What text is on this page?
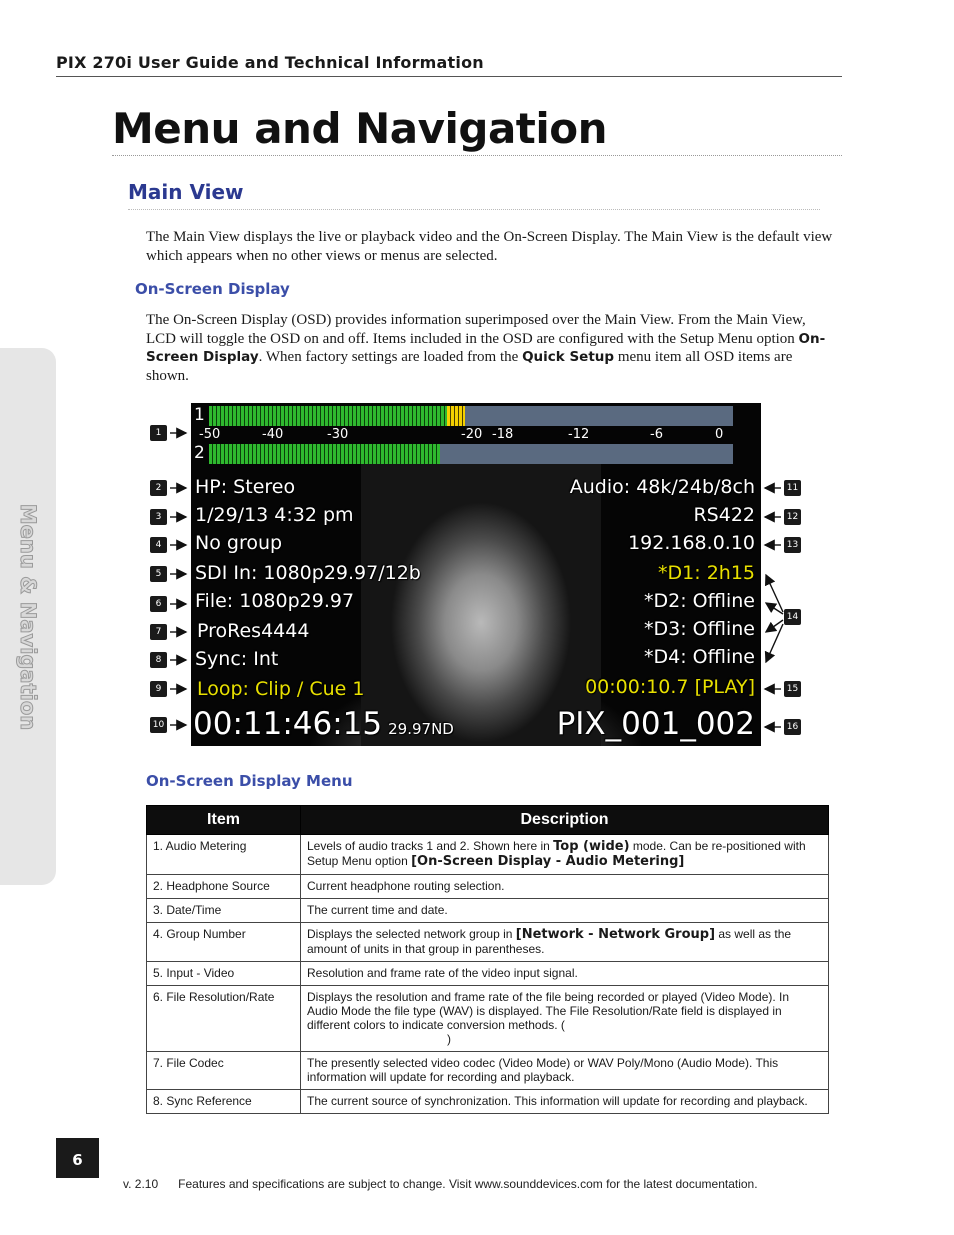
PIX 270i User Guide and Technical Information
Menu & Navigation
Menu and Navigation
Main View
The Main View displays the live or playback video and the On-Screen Display. The Main View is the default view which appears when no other views or menus are selected.
On-Screen Display
The On-Screen Display (OSD) provides information superimposed over the Main View. From the Main View, LCD will toggle the OSD on and off. Items included in the OSD are configured with the Setup Menu option On-Screen Display. When factory settings are loaded from the Quick Setup menu item all OSD items are shown.
1
-50	-40	-30	-20 -18	-12	-6	0
2
HP: Stereo
1/29/13 4:32 pm
No group
SDI In: 1080p29.97/12b
File: 1080p29.97
ProRes4444
Sync: Int
Loop: Clip / Cue 1
Audio: 48k/24b/8ch
RS422
192.168.0.10
*D1: 2h15
*D2: Offline
*D3: Offline
*D4: Offline
00:00:10.7 [PLAY]
00:11:46:15 29.97ND	PIX_001_002
1
2
3
4
5
6
7
8
9
10
11
12
13
14
15
16
On-Screen Display Menu
Item	Description
1. Audio Metering	Levels of audio tracks 1 and 2. Shown here in Top (wide) mode. Can be re-positioned with Setup Menu option [On-Screen Display - Audio Metering]
2. Headphone Source	Current headphone routing selection.
3. Date/Time	The current time and date.
4. Group Number	Displays the selected network group in [Network - Network Group] as well as the amount of units in that group in parentheses.
5. Input - Video	Resolution and frame rate of the video input signal.
6. File Resolution/Rate	Displays the resolution and frame rate of the file being recorded or played (Video Mode). In Audio Mode the file type (WAV) is displayed. The File Resolution/Rate field is displayed in different colors to indicate conversion methods. (
)
7. File Codec	The presently selected video codec (Video Mode) or WAV Poly/Mono (Audio Mode). This information will update for recording and playback.
8. Sync Reference	The current source of synchronization. This information will update for recording and playback.
6
v. 2.10      Features and specifications are subject to change. Visit www.sounddevices.com for the latest documentation.
